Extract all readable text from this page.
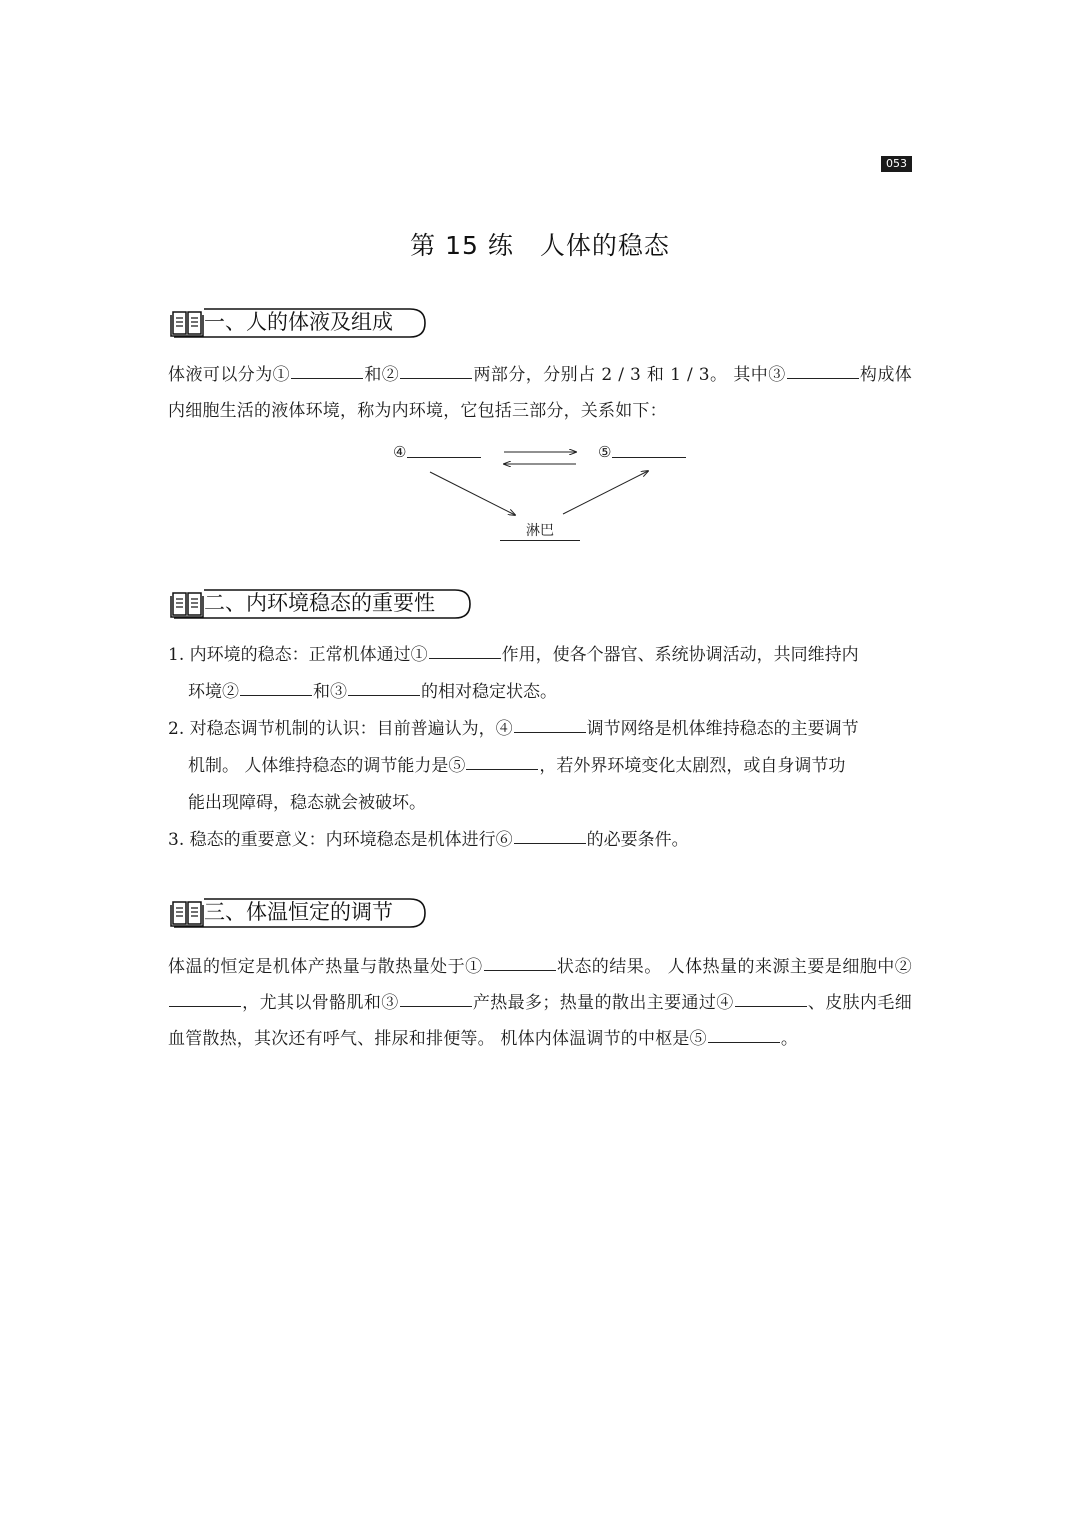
053
第 15 练 人体的稳态
一、人的体液及组成

体液可以分为①	和②	两部分，分别占 2 / 3 和 1 / 3。 其中③	构成体内细胞生活的液体环境，称为内环境，它包括三部分，关系如下：

④	⑤
淋巴
二、内环境稳态的重要性
1. 内环境的稳态：正常机体通过①	作用，使各个器官、系统协调活动，共同维持内
环境②	和③	的相对稳定状态。
2. 对稳态调节机制的认识：目前普遍认为，④	调节网络是机体维持稳态的主要调节
机制。 人体维持稳态的调节能力是⑤	，若外界环境变化太剧烈，或自身调节功
能出现障碍，稳态就会被破坏。
3. 稳态的重要意义：内环境稳态是机体进行⑥	的必要条件。
三、体温恒定的调节

体温的恒定是机体产热量与散热量处于①	状态的结果。 人体热量的来源主要是细胞中②，尤其以骨骼肌和③	产热最多；热量的散出主要通过④	、皮肤内毛细血管散热，其次还有呼气、排尿和排便等。 机体内体温调节的中枢是⑤	。
